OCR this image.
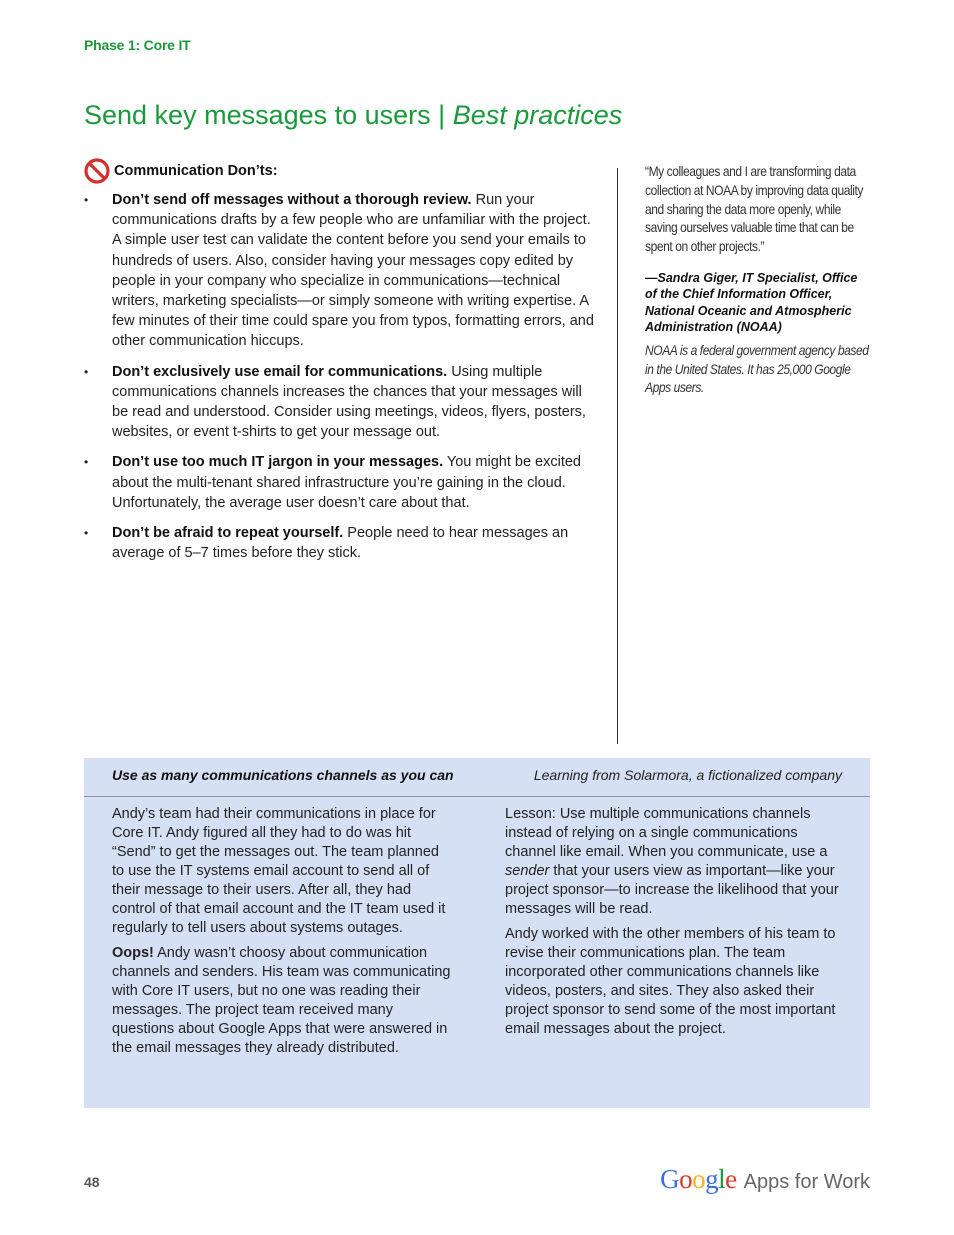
Phase 1: Core IT
Send key messages to users | Best practices
Communication Don’ts:
• Don’t send off messages without a thorough review. Run your communications drafts by a few people who are unfamiliar with the project. A simple user test can validate the content before you send your emails to hundreds of users. Also, consider having your messages copy edited by people in your company who specialize in communications—technical writers, marketing specialists—or simply someone with writing expertise. A few minutes of their time could spare you from typos, formatting errors, and other communication hiccups.
• Don’t exclusively use email for communications. Using multiple communications channels increases the chances that your messages will be read and understood. Consider using meetings, videos, flyers, posters, websites, or event t-shirts to get your message out.
• Don’t use too much IT jargon in your messages. You might be excited about the multi-tenant shared infrastructure you’re gaining in the cloud. Unfortunately, the average user doesn’t care about that.
• Don’t be afraid to repeat yourself. People need to hear messages an average of 5–7 times before they stick.
“My colleagues and I are transforming data collection at NOAA by improving data quality and sharing the data more openly, while saving ourselves valuable time that can be spent on other projects.”
—Sandra Giger, IT Specialist, Office of the Chief Information Officer, National Oceanic and Atmospheric Administration (NOAA)
NOAA is a federal government agency based in the United States. It has 25,000 Google Apps users.
Use as many communications channels as you can	Learning from Solarmora, a fictionalized company

Andy’s team had their communications in place for Core IT. Andy figured all they had to do was hit “Send” to get the messages out. The team planned to use the IT systems email account to send all of their message to their users. After all, they had control of that email account and the IT team used it regularly to tell users about systems outages.

Oops! Andy wasn’t choosy about communication channels and senders. His team was communicating with Core IT users, but no one was reading their messages. The project team received many questions about Google Apps that were answered in the email messages they already distributed.

Lesson: Use multiple communications channels instead of relying on a single communications channel like email. When you communicate, use a sender that your users view as important—like your project sponsor—to increase the likelihood that your messages will be read.

Andy worked with the other members of his team to revise their communications plan. The team incorporated other communications channels like videos, posters, and sites. They also asked their project sponsor to send some of the most important email messages about the project.

48	Google Apps for Work
